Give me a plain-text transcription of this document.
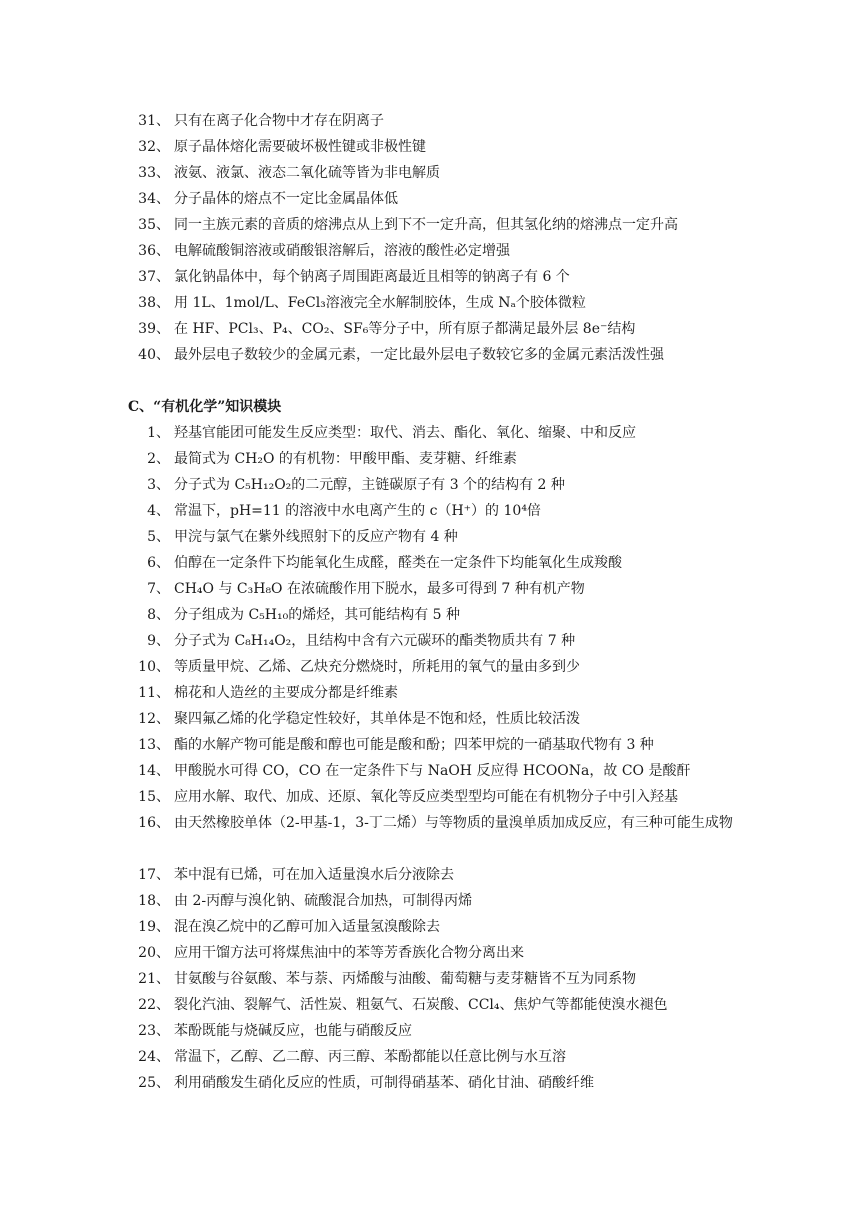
31、 只有在离子化合物中才存在阴离子
32、 原子晶体熔化需要破坏极性键或非极性键
33、 液氨、液氯、液态二氧化硫等皆为非电解质
34、 分子晶体的熔点不一定比金属晶体低
35、 同一主族元素的音质的熔沸点从上到下不一定升高，但其氢化纳的熔沸点一定升高
36、 电解硫酸铜溶液或硝酸银溶解后，溶液的酸性必定增强
37、 氯化钠晶体中，每个钠离子周围距离最近且相等的钠离子有 6 个
38、 用 1L、1mol/L、FeCl₃溶液完全水解制胶体，生成 Nₐ个胶体微粒
39、 在 HF、PCl₃、P₄、CO₂、SF₆等分子中，所有原子都满足最外层 8e⁻结构
40、 最外层电子数较少的金属元素，一定比最外层电子数较它多的金属元素活泼性强
C、“有机化学”知识模块
1、 羟基官能团可能发生反应类型：取代、消去、酯化、氧化、缩聚、中和反应
2、 最简式为 CH₂O 的有机物：甲酸甲酯、麦芽糖、纤维素
3、 分子式为 C₅H₁₂O₂的二元醇，主链碳原子有 3 个的结构有 2 种
4、 常温下，pH=11 的溶液中水电离产生的 c（H⁺）的 10⁴倍
5、 甲浣与氯气在紫外线照射下的反应产物有 4 种
6、 伯醇在一定条件下均能氧化生成醛，醛类在一定条件下均能氧化生成羧酸
7、 CH₄O 与 C₃H₈O 在浓硫酸作用下脱水，最多可得到 7 种有机产物
8、 分子组成为 C₅H₁₀的烯烃，其可能结构有 5 种
9、 分子式为 C₈H₁₄O₂，且结构中含有六元碳环的酯类物质共有 7 种
10、 等质量甲烷、乙烯、乙炔充分燃烧时，所耗用的氧气的量由多到少
11、 棉花和人造丝的主要成分都是纤维素
12、 聚四氟乙烯的化学稳定性较好，其单体是不饱和烃，性质比较活泼
13、 酯的水解产物可能是酸和醇也可能是酸和酚；四苯甲烷的一硝基取代物有 3 种
14、 甲酸脱水可得 CO，CO 在一定条件下与 NaOH 反应得 HCOONa，故 CO 是酸酐
15、 应用水解、取代、加成、还原、氧化等反应类型型均可能在有机物分子中引入羟基
16、 由天然橡胶单体（2-甲基-1，3-丁二烯）与等物质的量溴单质加成反应，有三种可能生成物
17、 苯中混有已烯，可在加入适量溴水后分液除去
18、 由 2-丙醇与溴化钠、硫酸混合加热，可制得丙烯
19、 混在溴乙烷中的乙醇可加入适量氢溴酸除去
20、 应用干馏方法可将煤焦油中的苯等芳香族化合物分离出来
21、 甘氨酸与谷氨酸、苯与萘、丙烯酸与油酸、葡萄糖与麦芽糖皆不互为同系物
22、 裂化汽油、裂解气、活性炭、粗氨气、石炭酸、CCl₄、焦炉气等都能使溴水褪色
23、 苯酚既能与烧碱反应，也能与硝酸反应
24、 常温下，乙醇、乙二醇、丙三醇、苯酚都能以任意比例与水互溶
25、 利用硝酸发生硝化反应的性质，可制得硝基苯、硝化甘油、硝酸纤维
